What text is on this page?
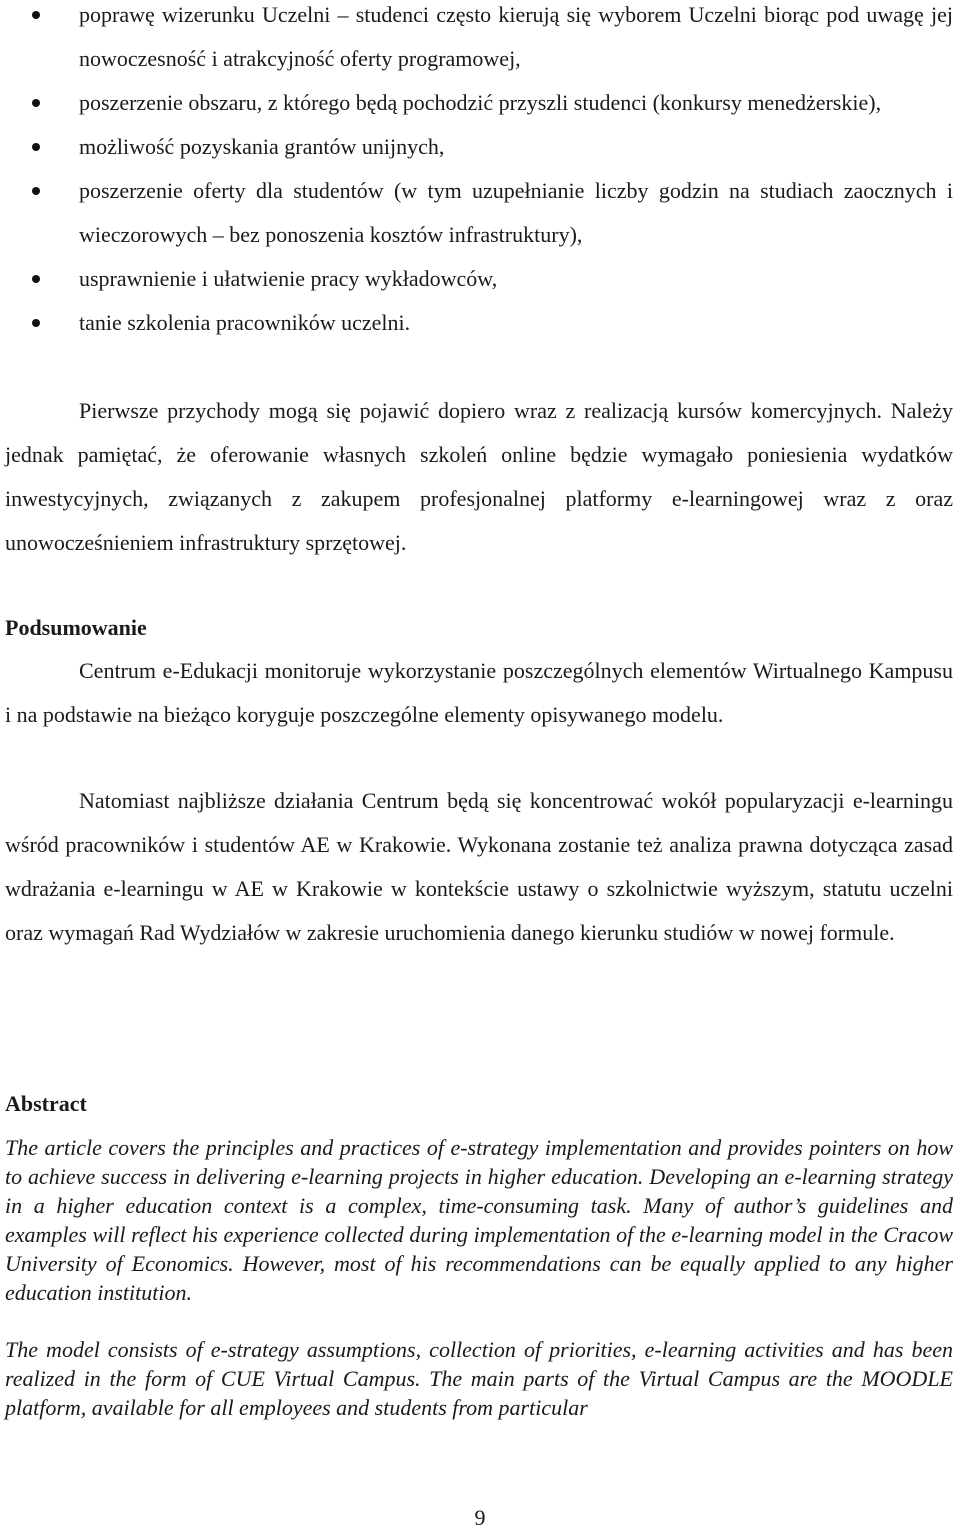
poprawę wizerunku Uczelni – studenci często kierują się wyborem Uczelni biorąc pod uwagę jej nowoczesność i atrakcyjność oferty programowej,
poszerzenie obszaru, z którego będą pochodzić przyszli studenci (konkursy menedżerskie),
możliwość pozyskania grantów unijnych,
poszerzenie oferty dla studentów (w tym uzupełnianie liczby godzin na studiach zaocznych i wieczorowych – bez ponoszenia kosztów infrastruktury),
usprawnienie i ułatwienie pracy wykładowców,
tanie szkolenia pracowników uczelni.

Pierwsze przychody mogą się pojawić dopiero wraz z realizacją kursów komercyjnych. Należy jednak pamiętać, że oferowanie własnych szkoleń online będzie wymagało poniesienia wydatków inwestycyjnych, związanych z zakupem profesjonalnej platformy e-learningowej wraz z oraz unowocześnieniem infrastruktury sprzętowej.

Podsumowanie

Centrum e-Edukacji monitoruje wykorzystanie poszczególnych elementów Wirtualnego Kampusu i na podstawie na bieżąco koryguje poszczególne elementy opisywanego modelu.

Natomiast najbliższe działania Centrum będą się koncentrować wokół popularyzacji e-learningu wśród pracowników i studentów AE w Krakowie. Wykonana zostanie też analiza prawna dotycząca zasad wdrażania e-learningu w AE w Krakowie w kontekście ustawy o szkolnictwie wyższym, statutu uczelni oraz wymagań Rad Wydziałów w zakresie uruchomienia danego kierunku studiów w nowej formule.

Abstract

The article covers the principles and practices of e-strategy implementation and provides pointers on how to achieve success in delivering e-learning projects in higher education. Developing an e-learning strategy in a higher education context is a complex, time-consuming task. Many of author’s guidelines and examples will reflect his experience collected during implementation of the e-learning model in the Cracow University of Economics. However, most of his recommendations can be equally applied to any higher education institution.

The model consists of e-strategy assumptions, collection of priorities, e-learning activities and has been realized in the form of CUE Virtual Campus. The main parts of the Virtual Campus are the MOODLE platform, available for all employees and students from particular

9
